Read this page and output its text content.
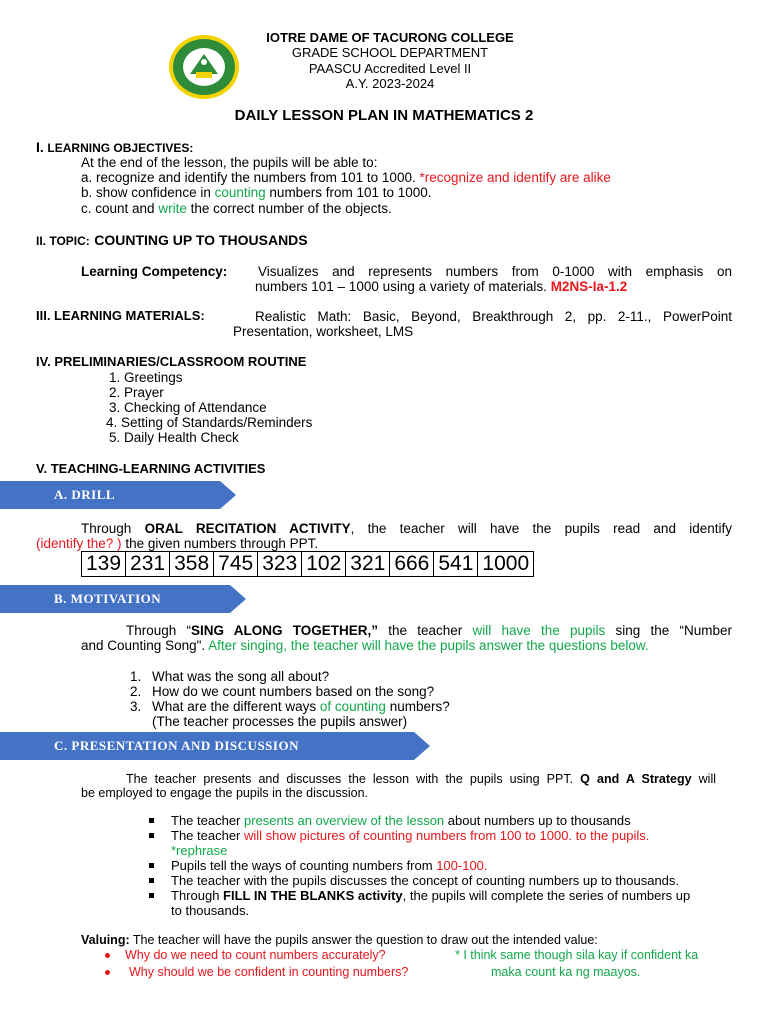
IOTRE DAME OF TACURONG COLLEGE
GRADE SCHOOL DEPARTMENT
PAASCU Accredited Level II
A.Y. 2023-2024
DAILY LESSON PLAN IN MATHEMATICS 2
I. LEARNING OBJECTIVES:
At the end of the lesson, the pupils will be able to:
a. recognize and identify the numbers from 101 to 1000. *recognize and identify are alike
b. show confidence in counting numbers from 101 to 1000.
c. count and write the correct number of the objects.
II. TOPIC: COUNTING UP TO THOUSANDS
Learning Competency: Visualizes and represents numbers from 0-1000 with emphasis on
numbers 101 – 1000 using a variety of materials. M2NS-Ia-1.2
III. LEARNING MATERIALS:	Realistic Math: Basic, Beyond, Breakthrough 2, pp. 2-11., PowerPoint
Presentation, worksheet, LMS
IV. PRELIMINARIES/CLASSROOM ROUTINE
1. Greetings
2. Prayer
3. Checking of Attendance
4. Setting of Standards/Reminders
5. Daily Health Check
V. TEACHING-LEARNING ACTIVITIES
A. DRILL
Through ORAL RECITATION ACTIVITY, the teacher will have the pupils read and identify
(identify the? ) the given numbers through PPT.
139	231	358	745	323	102	321	666	541	1000
B. MOTIVATION
Through “SING ALONG TOGETHER,” the teacher will have the pupils sing the “Number
and Counting Song". After singing, the teacher will have the pupils answer the questions below.
1. What was the song all about?
2. How do we count numbers based on the song?
3. What are the different ways of counting numbers?
(The teacher processes the pupils answer)
C. PRESENTATION AND DISCUSSION
The teacher presents and discusses the lesson with the pupils using PPT. Q and A Strategy will
be employed to engage the pupils in the discussion.
The teacher presents an overview of the lesson about numbers up to thousands
The teacher will show pictures of counting numbers from 100 to 1000. to the pupils.
*rephrase
Pupils tell the ways of counting numbers from 100-100.
The teacher with the pupils discusses the concept of counting numbers up to thousands.
Through FILL IN THE BLANKS activity, the pupils will complete the series of numbers up
to thousands.
Valuing: The teacher will have the pupils answer the question to draw out the intended value:
Why do we need to count numbers accurately?	* I think same though sila kay if confident ka
Why should we be confident in counting numbers?	maka count ka ng maayos.
